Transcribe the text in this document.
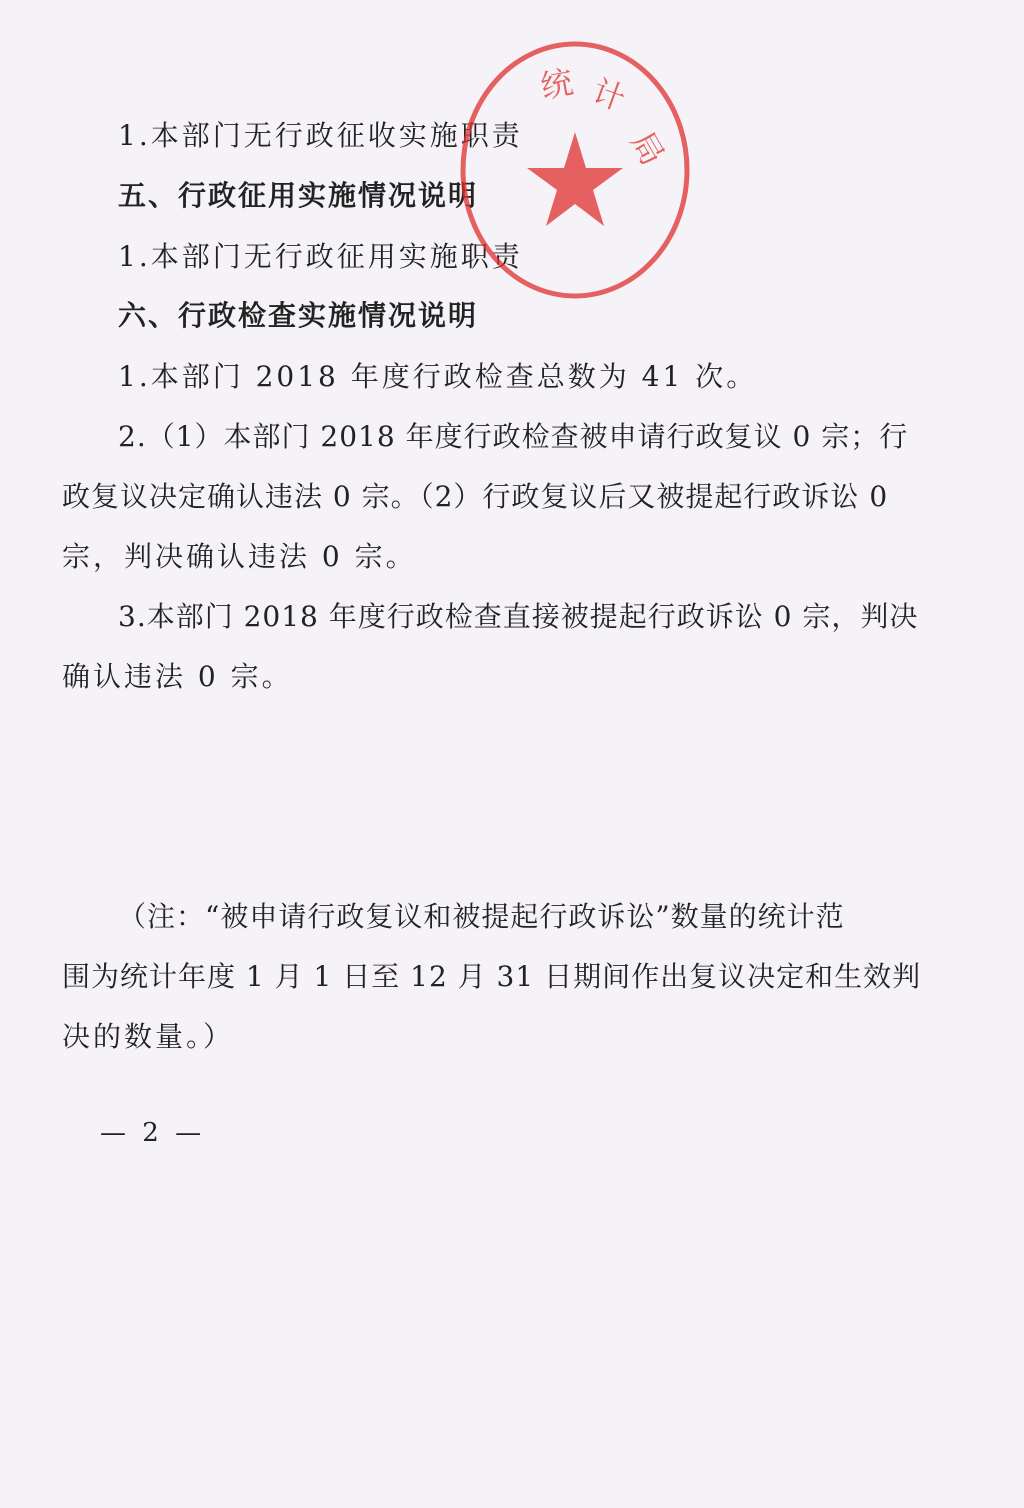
1.本部门无行政征收实施职责
五、行政征用实施情况说明
1.本部门无行政征用实施职责
六、行政检查实施情况说明
1.本部门 2018 年度行政检查总数为 41 次。
2.（1）本部门 2018 年度行政检查被申请行政复议 0 宗；行
政复议决定确认违法 0 宗。（2）行政复议后又被提起行政诉讼 0
宗，判决确认违法 0 宗。
3.本部门 2018 年度行政检查直接被提起行政诉讼 0 宗，判决
确认违法 0 宗。
（注：“被申请行政复议和被提起行政诉讼”数量的统计范
围为统计年度 1 月 1 日至 12 月 31 日期间作出复议决定和生效判
决的数量。）
— 2 —
统 计
局
